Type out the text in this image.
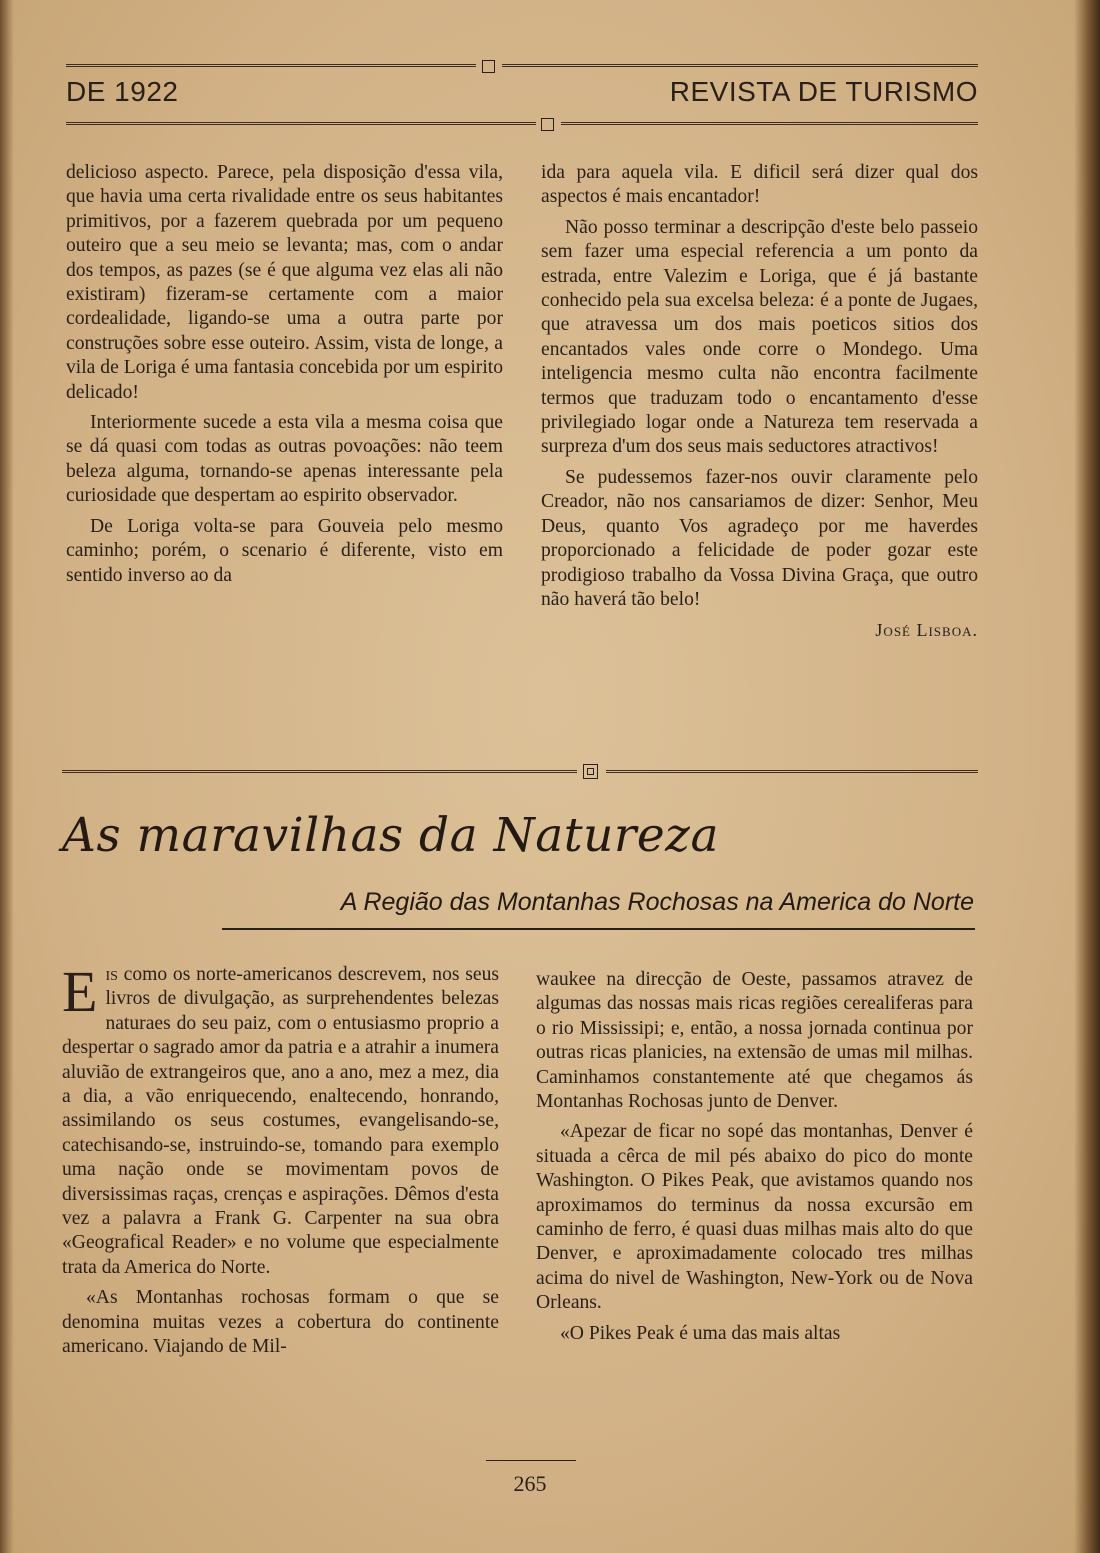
DE 1922	REVISTA DE TURISMO

delicioso aspecto. Parece, pela disposição d'essa vila, que havia uma certa rivalidade entre os seus habitantes primitivos, por a fazerem quebrada por um pequeno outeiro que a seu meio se levanta; mas, com o andar dos tempos, as pazes (se é que alguma vez elas ali não existiram) fizeram-se certamente com a maior cordealidade, ligando-se uma a outra parte por construções sobre esse outeiro. Assim, vista de longe, a vila de Loriga é uma fantasia concebida por um espirito delicado!

Interiormente sucede a esta vila a mesma coisa que se dá quasi com todas as outras povoações: não teem beleza alguma, tornando-se apenas interessante pela curiosidade que despertam ao espirito observador.

De Loriga volta-se para Gouveia pelo mesmo caminho; porém, o scenario é diferente, visto em sentido inverso ao da

ida para aquela vila. E dificil será dizer qual dos aspectos é mais encantador!

Não posso terminar a descripção d'este belo passeio sem fazer uma especial referencia a um ponto da estrada, entre Valezim e Loriga, que é já bastante conhecido pela sua excelsa beleza: é a ponte de Jugaes, que atravessa um dos mais poeticos sitios dos encantados vales onde corre o Mondego. Uma inteligencia mesmo culta não encontra facilmente termos que traduzam todo o encantamento d'esse privilegiado logar onde a Natureza tem reservada a surpreza d'um dos seus mais seductores atractivos!

Se pudessemos fazer-nos ouvir claramente pelo Creador, não nos cansariamos de dizer: Senhor, Meu Deus, quanto Vos agradeço por me haverdes proporcionado a felicidade de poder gozar este prodigioso trabalho da Vossa Divina Graça, que outro não haverá tão belo!

José Lisboa.
As maravilhas da Natureza
A Região das Montanhas Rochosas na America do Norte

Eis como os norte-americanos descrevem, nos seus livros de divulgação, as surprehendentes belezas naturaes do seu paiz, com o entusiasmo proprio a despertar o sagrado amor da patria e a atrahir a inumera aluvião de extrangeiros que, ano a ano, mez a mez, dia a dia, a vão enriquecendo, enaltecendo, honrando, assimilando os seus costumes, evangelisando-se, catechisando-se, instruindo-se, tomando para exemplo uma nação onde se movimentam povos de diversissimas raças, crenças e aspirações. Dêmos d'esta vez a palavra a Frank G. Carpenter na sua obra «Geografical Reader» e no volume que especialmente trata da America do Norte.

«As Montanhas rochosas formam o que se denomina muitas vezes a cobertura do continente americano. Viajando de Mil-

waukee na direcção de Oeste, passamos atravez de algumas das nossas mais ricas regiões cerealiferas para o rio Mississipi; e, então, a nossa jornada continua por outras ricas planicies, na extensão de umas mil milhas. Caminhamos constantemente até que chegamos ás Montanhas Rochosas junto de Denver.

«Apezar de ficar no sopé das montanhas, Denver é situada a cêrca de mil pés abaixo do pico do monte Washington. O Pikes Peak, que avistamos quando nos aproximamos do terminus da nossa excursão em caminho de ferro, é quasi duas milhas mais alto do que Denver, e aproximadamente colocado tres milhas acima do nivel de Washington, New-York ou de Nova Orleans.

«O Pikes Peak é uma das mais altas

265
